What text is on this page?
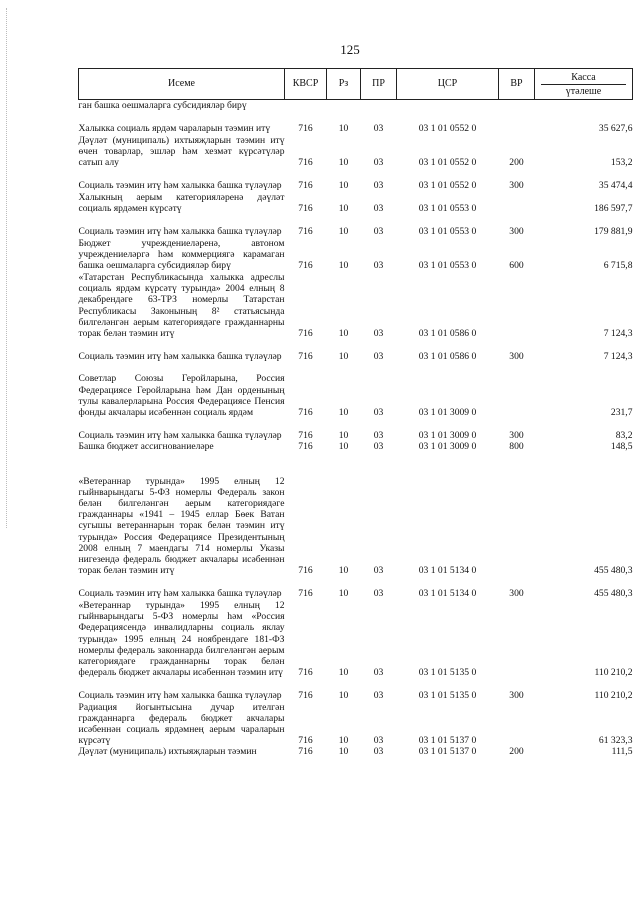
125
Исеме	КВСР	Рз	ПР	ЦСР	ВР	Касса

үтәлеше

ган башка оешмаларга субсидияләр бирү						
Халыкка социаль ярдәм чараларын тәэмин итү	716	10	03	03 1 01 0552 0		35 627,6
Дәүләт (муниципаль) ихтыяҗларын тәэмин итү өчен товарлар, эшләр һәм хезмәт күрсәтүләр сатып алу	716	10	03	03 1 01 0552 0	200	153,2
Социаль тәэмин итү һәм халыкка башка түләүләр	716	10	03	03 1 01 0552 0	300	35 474,4
Халыкның аерым категорияләренә дәүләт социаль ярдәмен күрсәтү	716	10	03	03 1 01 0553 0		186 597,7
Социаль тәэмин итү һәм халыкка башка түләүләр	716	10	03	03 1 01 0553 0	300	179 881,9
Бюджет учреждениеләренә, автоном учреждениеләргә һәм коммерциягә карамаган башка оешмаларга субсидияләр бирү	716	10	03	03 1 01 0553 0	600	6 715,8
«Татарстан Республикасында халыкка адреслы социаль ярдәм күрсәтү турында» 2004 елның 8 декабрендәге 63-ТРЗ номерлы Татарстан Республикасы Законының 8² статьясында билгеләнгән аерым категориядәге гражданнарны торак белән тәэмин итү	716	10	03	03 1 01 0586 0		7 124,3
Социаль тәэмин итү һәм халыкка башка түләүләр	716	10	03	03 1 01 0586 0	300	7 124,3
Советлар Союзы Геройларына, Россия Федерациясе Геройларына һәм Дан орденының тулы кавалерларына Россия Федерациясе Пенсия фонды акчалары исәбеннән социаль ярдәм	716	10	03	03 1 01 3009 0		231,7
Социаль тәэмин итү һәм халыкка башка түләүләр	716	10	03	03 1 01 3009 0	300	83,2
Башка бюджет ассигнованиеләре	716	10	03	03 1 01 3009 0	800	148,5
«Ветераннар турында» 1995 елның 12 гыйнварындагы 5-ФЗ номерлы Федераль закон белән билгеләнгән аерым категориядәге гражданнары «1941 – 1945 еллар Бөек Ватан сугышы ветераннарын торак белән тәэмин итү турында» Россия Федерациясе Президентының 2008 елның 7 маендагы 714 номерлы Указы нигезендә федераль бюджет акчалары исәбеннән торак белән тәэмин итү	716	10	03	03 1 01 5134 0		455 480,3
Социаль тәэмин итү һәм халыкка башка түләүләр	716	10	03	03 1 01 5134 0	300	455 480,3
«Ветераннар турында» 1995 елның 12 гыйнварындагы 5-ФЗ номерлы һәм «Россия Федерациясендә инвалидларны социаль яклау турында» 1995 елның 24 ноябрендәге 181-ФЗ номерлы федераль законнарда билгеләнгән аерым категориядәге гражданнарны торак белән федераль бюджет акчалары исәбеннән тәэмин итү	716	10	03	03 1 01 5135 0		110 210,2
Социаль тәэмин итү һәм халыкка башка түләүләр	716	10	03	03 1 01 5135 0	300	110 210,2
Радиация йогынтысына дучар ителгән гражданнарга федераль бюджет акчалары исәбеннән социаль ярдәмнең аерым чараларын күрсәтү	716	10	03	03 1 01 5137 0		61 323,3
Дәүләт (муниципаль) ихтыяҗларын тәэмин	716	10	03	03 1 01 5137 0	200	111,5
